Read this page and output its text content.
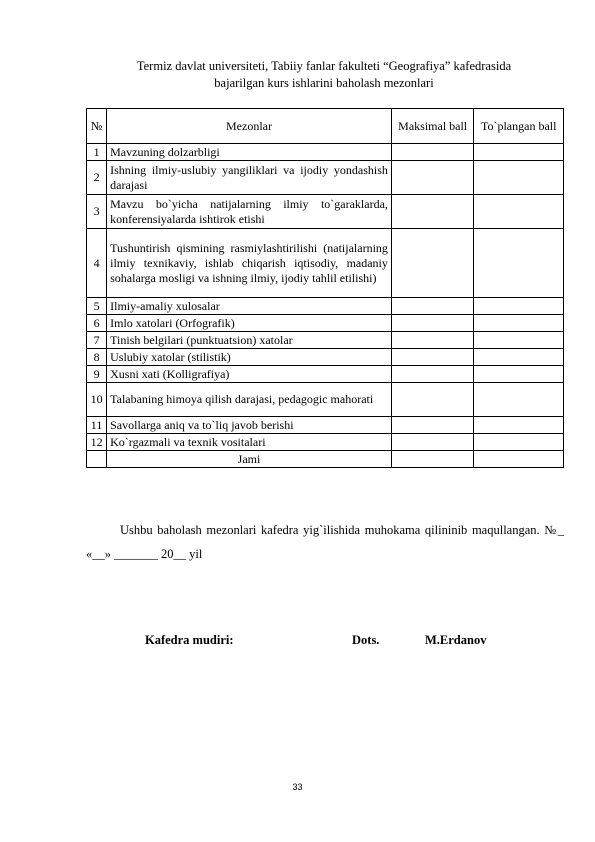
Termiz davlat universiteti, Tabiiy fanlar fakulteti “Geografiya” kafedrasida
bajarilgan kurs ishlarini baholash mezonlari
№	Mezonlar	Maksimal ball	To`plangan ball
1	Mavzuning dolzarbligi		
2	Ishning ilmiy-uslubiy yangiliklari va ijodiy yondashish darajasi		
3	Mavzu bo`yicha natijalarning ilmiy to`garaklarda, konferensiyalarda ishtirok etishi		
4	Tushuntirish qismining rasmiylashtirilishi (natijalarning ilmiy texnikaviy, ishlab chiqarish iqtisodiy, madaniy sohalarga mosligi va ishning ilmiy, ijodiy tahlil etilishi)		
5	Ilmiy-amaliy xulosalar		
6	Imlo xatolari (Orfografik)		
7	Tinish belgilari (punktuatsion) xatolar		
8	Uslubiy xatolar (stilistik)		
9	Xusni xati (Kolligrafiya)		
10	Talabaning himoya qilish darajasi, pedagogic mahorati		
11	Savollarga aniq va to`liq javob berishi		
12	Ko`rgazmali va texnik vositalari		
	Jami		
Ushbu baholash mezonlari kafedra yig`ilishida muhokama qilininib maqullangan. №_ «__» _______ 20__ yil
Kafedra mudiri:	Dots.	M.Erdanov
33
